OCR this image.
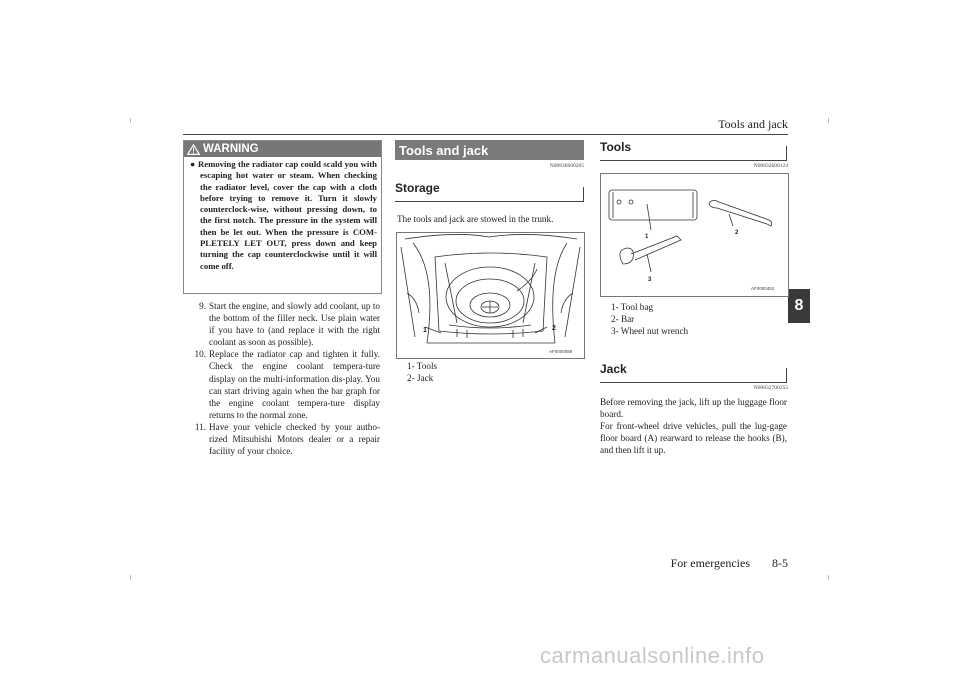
Tools and jack
8
WARNING
● Removing the radiator cap could scald you with escaping hot water or steam. When checking the radiator level, cover the cap with a cloth before trying to remove it. Turn it slowly counterclock-wise, without pressing down, to the first notch. The pressure in the system will then be let out. When the pressure is COM-PLETELY LET OUT, press down and keep turning the cap counterclockwise until it will come off.
9. Start the engine, and slowly add coolant, up to the bottom of the filler neck. Use plain water if you have to (and replace it with the right coolant as soon as possible).
10. Replace the radiator cap and tighten it fully. Check the engine coolant tempera-ture display on the multi-information dis-play. You can start driving again when the bar graph for the engine coolant tempera-ture display returns to the normal zone.
11. Have your vehicle checked by your autho-rized Mitsubishi Motors dealer or a repair facility of your choice.
Tools and jack
N00836600265
Storage
The tools and jack are stowed in the trunk.
1	2
AF0000089
1- Tools
2- Jack
Tools
N00832600124
1
2
3
AF0000452
1- Tool bag
2- Bar
3- Wheel nut wrench
Jack
N00832700255
Before removing the jack, lift up the luggage floor board.
For front-wheel drive vehicles, pull the lug-gage floor board (A) rearward to release the hooks (B), and then lift it up.
For emergencies 8-5
carmanualsonline.info
